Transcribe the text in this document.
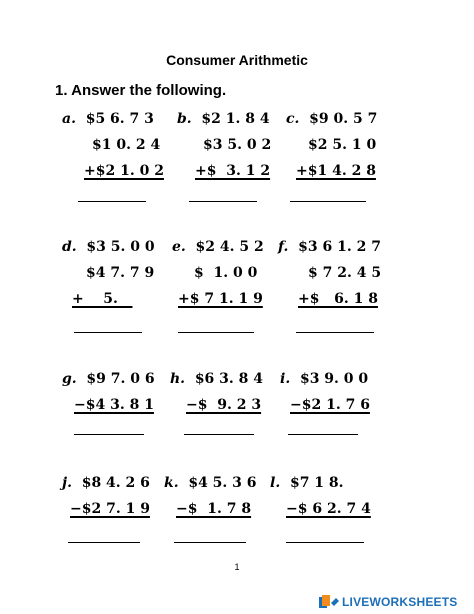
Consumer Arithmetic
1. Answer the following.
a. $5 6. 7 3
$1 0. 2 4
+$2 1. 0 2
b. $2 1. 8 4
$3 5. 0 2
+$  3. 1 2
c. $9 0. 5 7
$2 5. 1 0
+$1 4. 2 8
d. $3 5. 0 0
$4 7. 7 9
+    5.
e. $2 4. 5 2
$  1. 0 0
+$ 7 1. 1 9
f. $3 6 1. 2 7
$ 7 2. 4 5
+$   6. 1 8
g. $9 7. 0 6
−$4 3. 8 1
h. $6 3. 8 4
−$  9. 2 3
i. $3 9. 0 0
−$2 1. 7 6
j. $8 4. 2 6
−$2 7. 1 9
k. $4 5. 3 6
−$  1. 7 8
l. $7 1 8.
−$ 6 2. 7 4
1
LIVEWORKSHEETS
